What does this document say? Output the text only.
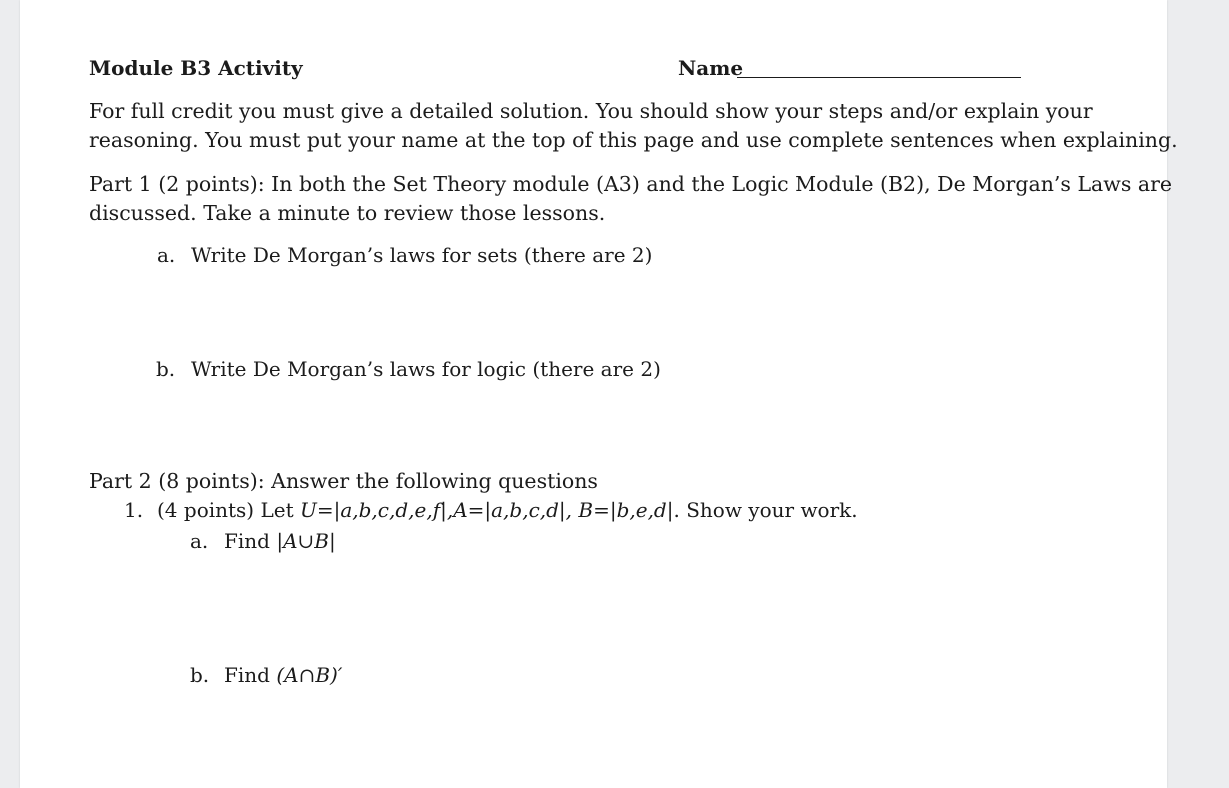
Module B3 Activity	Name
For full credit you must give a detailed solution. You should show your steps and/or explain your
reasoning. You must put your name at the top of this page and use complete sentences when explaining.
Part 1 (2 points): In both the Set Theory module (A3) and the Logic Module (B2), De Morgan’s Laws are
discussed. Take a minute to review those lessons.
a. Write De Morgan’s laws for sets (there are 2)
b. Write De Morgan’s laws for logic (there are 2)
Part 2 (8 points): Answer the following questions
1. (4 points) Let U=|a,b,c,d,e,f|,A=|a,b,c,d|, B=|b,e,d|. Show your work.
a. Find |A∪B|
b. Find (A∩B)′
